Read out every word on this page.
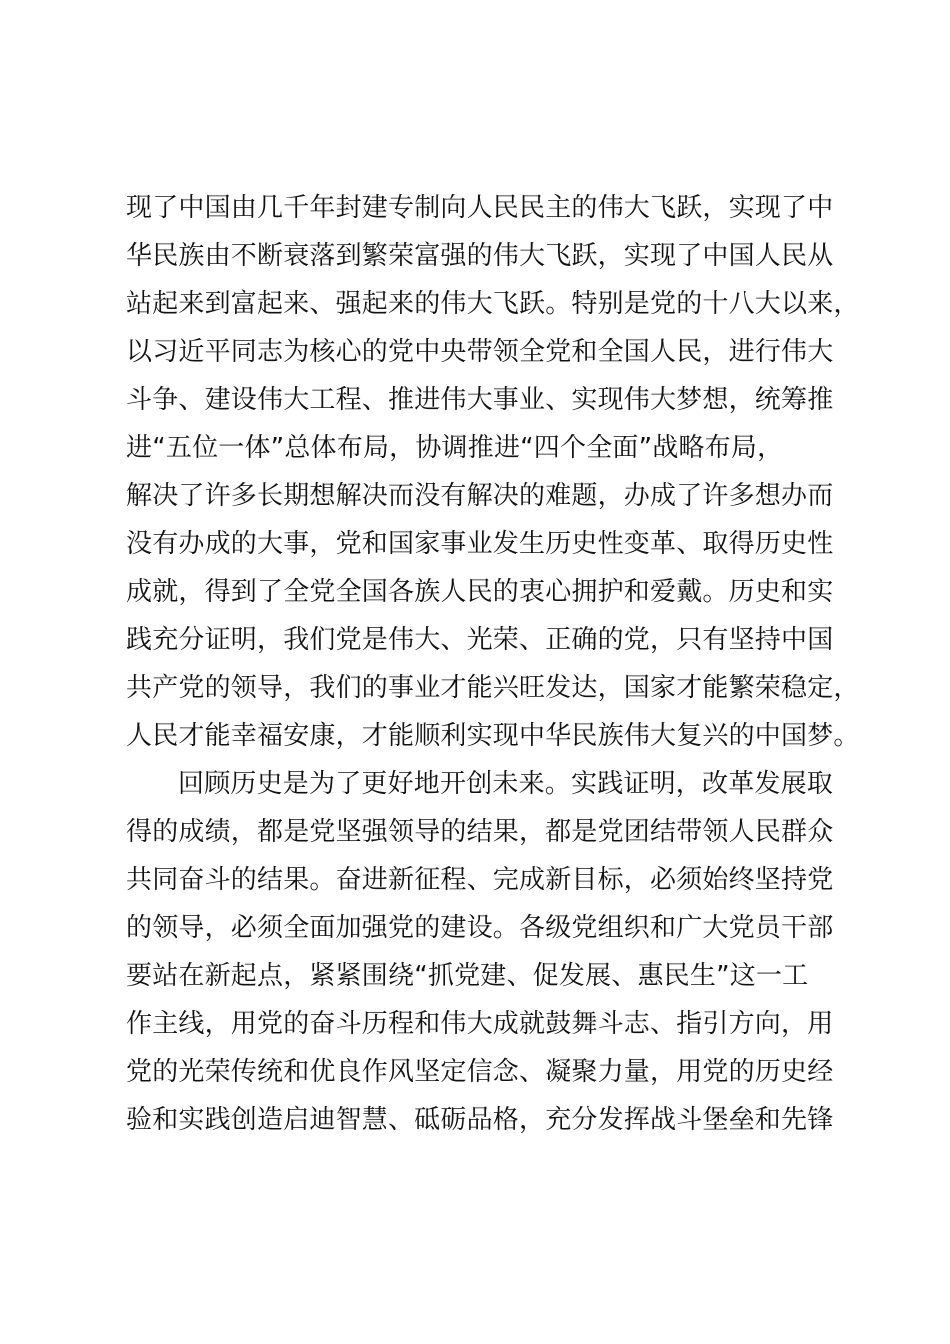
现了中国由几千年封建专制向人民民主的伟大飞跃，实现了中
华民族由不断衰落到繁荣富强的伟大飞跃，实现了中国人民从
站起来到富起来、强起来的伟大飞跃。特别是党的十八大以来，
以习近平同志为核心的党中央带领全党和全国人民，进行伟大
斗争、建设伟大工程、推进伟大事业、实现伟大梦想，统筹推
进“五位一体”总体布局，协调推进“四个全面”战略布局，
解决了许多长期想解决而没有解决的难题，办成了许多想办而
没有办成的大事，党和国家事业发生历史性变革、取得历史性
成就，得到了全党全国各族人民的衷心拥护和爱戴。历史和实
践充分证明，我们党是伟大、光荣、正确的党，只有坚持中国
共产党的领导，我们的事业才能兴旺发达，国家才能繁荣稳定，
人民才能幸福安康，才能顺利实现中华民族伟大复兴的中国梦。
回顾历史是为了更好地开创未来。实践证明，改革发展取
得的成绩，都是党坚强领导的结果，都是党团结带领人民群众
共同奋斗的结果。奋进新征程、完成新目标，必须始终坚持党
的领导，必须全面加强党的建设。各级党组织和广大党员干部
要站在新起点，紧紧围绕“抓党建、促发展、惠民生”这一工
作主线，用党的奋斗历程和伟大成就鼓舞斗志、指引方向，用
党的光荣传统和优良作风坚定信念、凝聚力量，用党的历史经
验和实践创造启迪智慧、砥砺品格，充分发挥战斗堡垒和先锋
